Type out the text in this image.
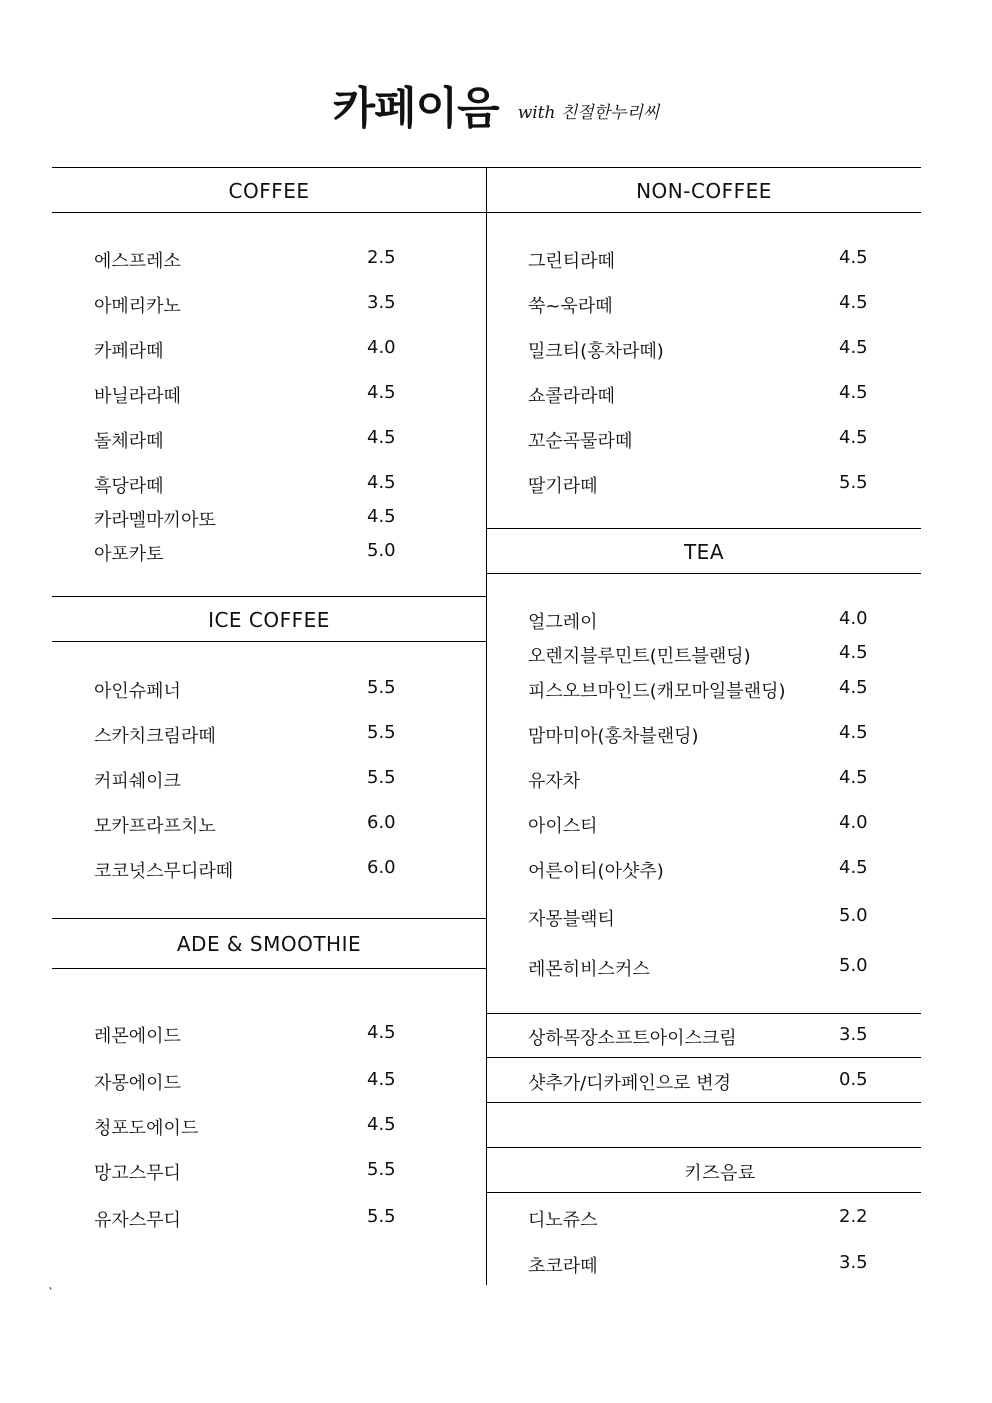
카페이음 with 친절한누리씨
COFFEE
에스프레소	2.5
아메리카노	3.5
카페라떼	4.0
바닐라라떼	4.5
돌체라떼	4.5
흑당라떼	4.5
카라멜마끼아또	4.5
아포카토	5.0
ICE COFFEE
아인슈페너	5.5
스카치크림라떼	5.5
커피쉐이크	5.5
모카프라프치노	6.0
코코넛스무디라떼	6.0
ADE & SMOOTHIE
레몬에이드	4.5
자몽에이드	4.5
청포도에이드	4.5
망고스무디	5.5
유자스무디	5.5
NON-COFFEE
그린티라떼	4.5
쑥~욱라떼	4.5
밀크티(홍차라떼)	4.5
쇼콜라라떼	4.5
꼬순곡물라떼	4.5
딸기라떼	5.5
TEA
얼그레이	4.0
오렌지블루민트(민트블랜딩)	4.5
피스오브마인드(캐모마일블랜딩)	4.5
맘마미아(홍차블랜딩)	4.5
유자차	4.5
아이스티	4.0
어른이티(아샷추)	4.5
자몽블랙티	5.0
레몬히비스커스	5.0
상하목장소프트아이스크림	3.5
샷추가/디카페인으로 변경	0.5
키즈음료
디노쥬스	2.2
초코라떼	3.5
`
